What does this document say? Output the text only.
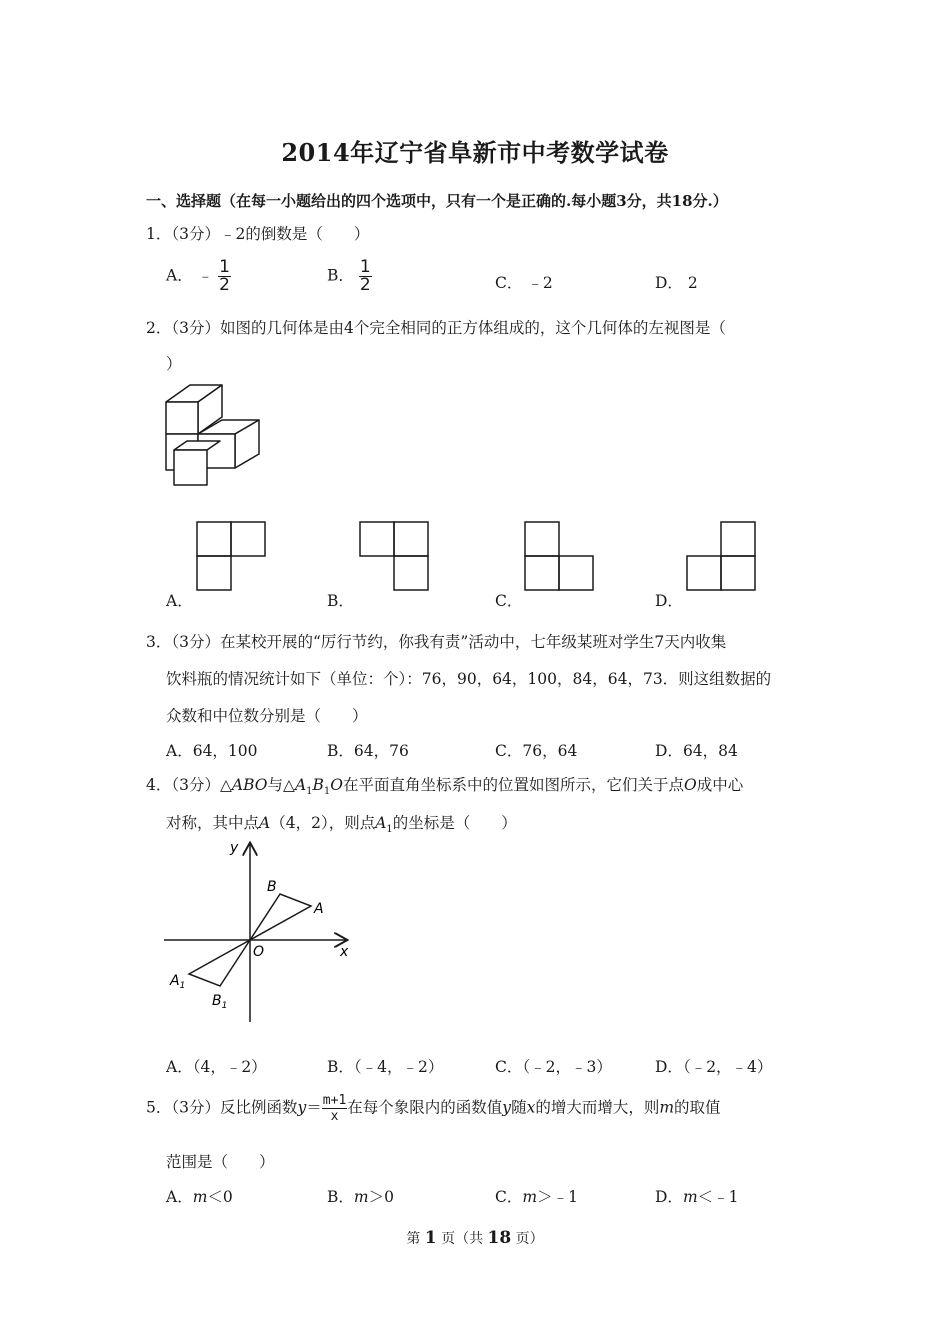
2014年辽宁省阜新市中考数学试卷
一、选择题（在每一小题给出的四个选项中，只有一个是正确的.每小题3分，共18分.）
1．（3分）﹣2的倒数是（　　）
A． ﹣ $\frac{1}{2}$	B． $\frac{1}{2}$	C． ﹣2	D． 2
2．（3分）如图的几何体是由4个完全相同的正方体组成的，这个几何体的左视图是（
）
A．	B．	C．	D．
3．（3分）在某校开展的“厉行节约，你我有责”活动中，七年级某班对学生7天内收集
饮料瓶的情况统计如下（单位：个）：76，90，64，100，84，64，73．则这组数据的
众数和中位数分别是（　　）
A．64，100	B．64，76	C．76，64	D．64，84
4．（3分）△ABO与$\triangle A_1B_1O$在平面直角坐标系中的位置如图所示，它们关于点O成中心
对称，其中点A（4，2），则点$A_1$的坐标是（　　）
y
x
O
B
A
$A_1$
$B_1$
A．（4，﹣2）	B．（﹣4，﹣2）	C．（﹣2，﹣3）	D．（﹣2，﹣4）
5．（3分）反比例函数$y= \frac{m+1}{x}$ 在每个象限内的函数值y随x的增大而增大，则m的取值
范围是（　　）
A．m＜0	B．m＞0	C．m＞﹣1	D．m＜﹣1
第 1 页（共 18 页）
